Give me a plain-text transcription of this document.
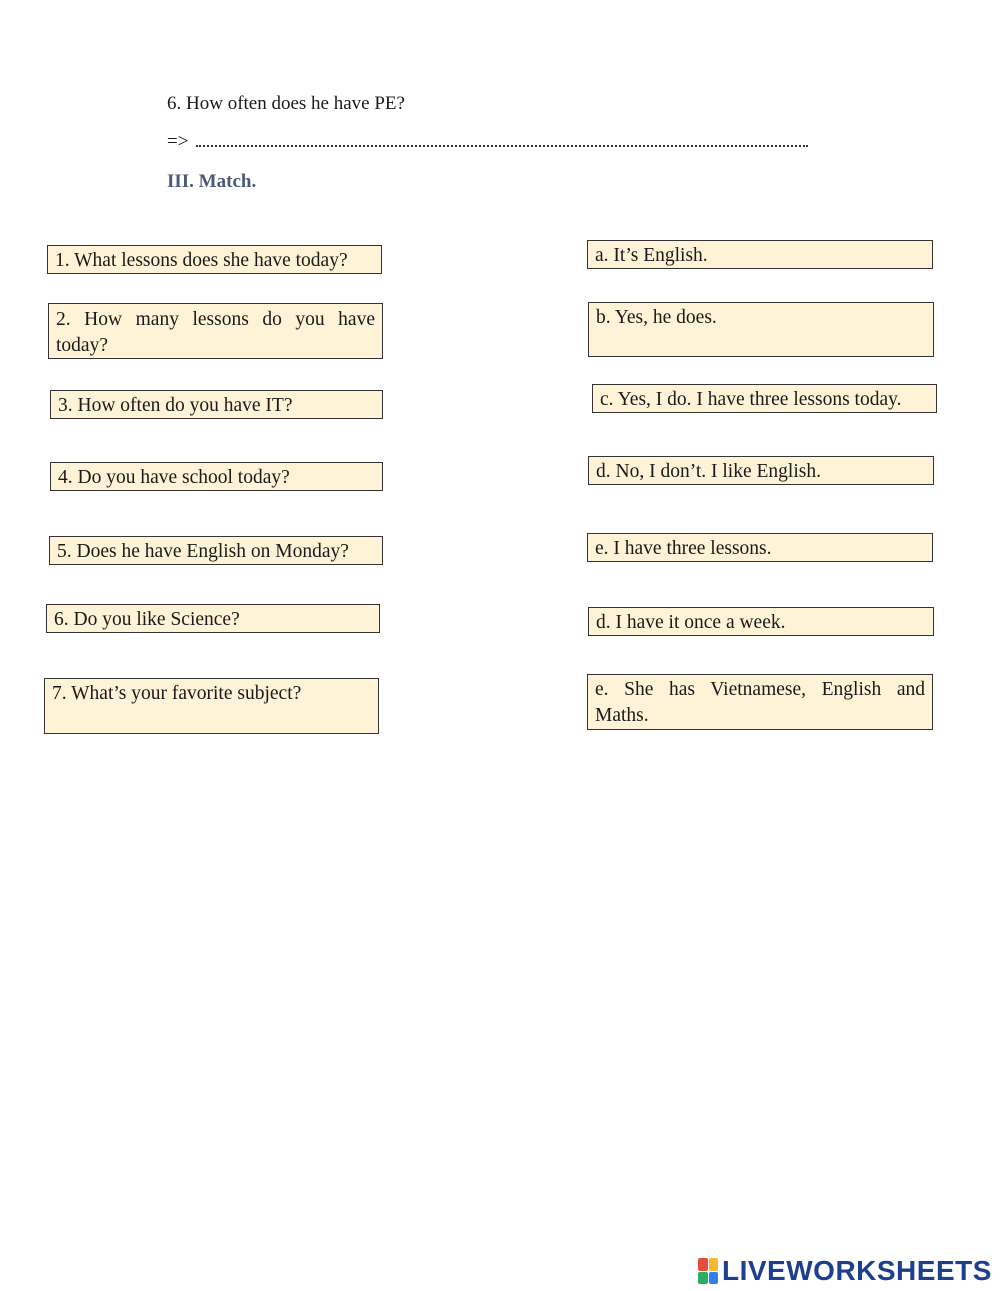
6. How often does he have PE?
=>
III. Match.
1. What lessons does she have today?
2. How many lessons do you have today?
3. How often do you have IT?
4. Do you have school today?
5. Does he have English on Monday?
6. Do you like Science?
7. What’s your favorite subject?
a. It’s English.
b. Yes, he does.
c. Yes, I do. I have three lessons today.
d. No, I don’t. I like English.
e. I have three lessons.
d. I have it once a week.
e. She has Vietnamese, English and Maths.
LIVEWORKSHEETS
